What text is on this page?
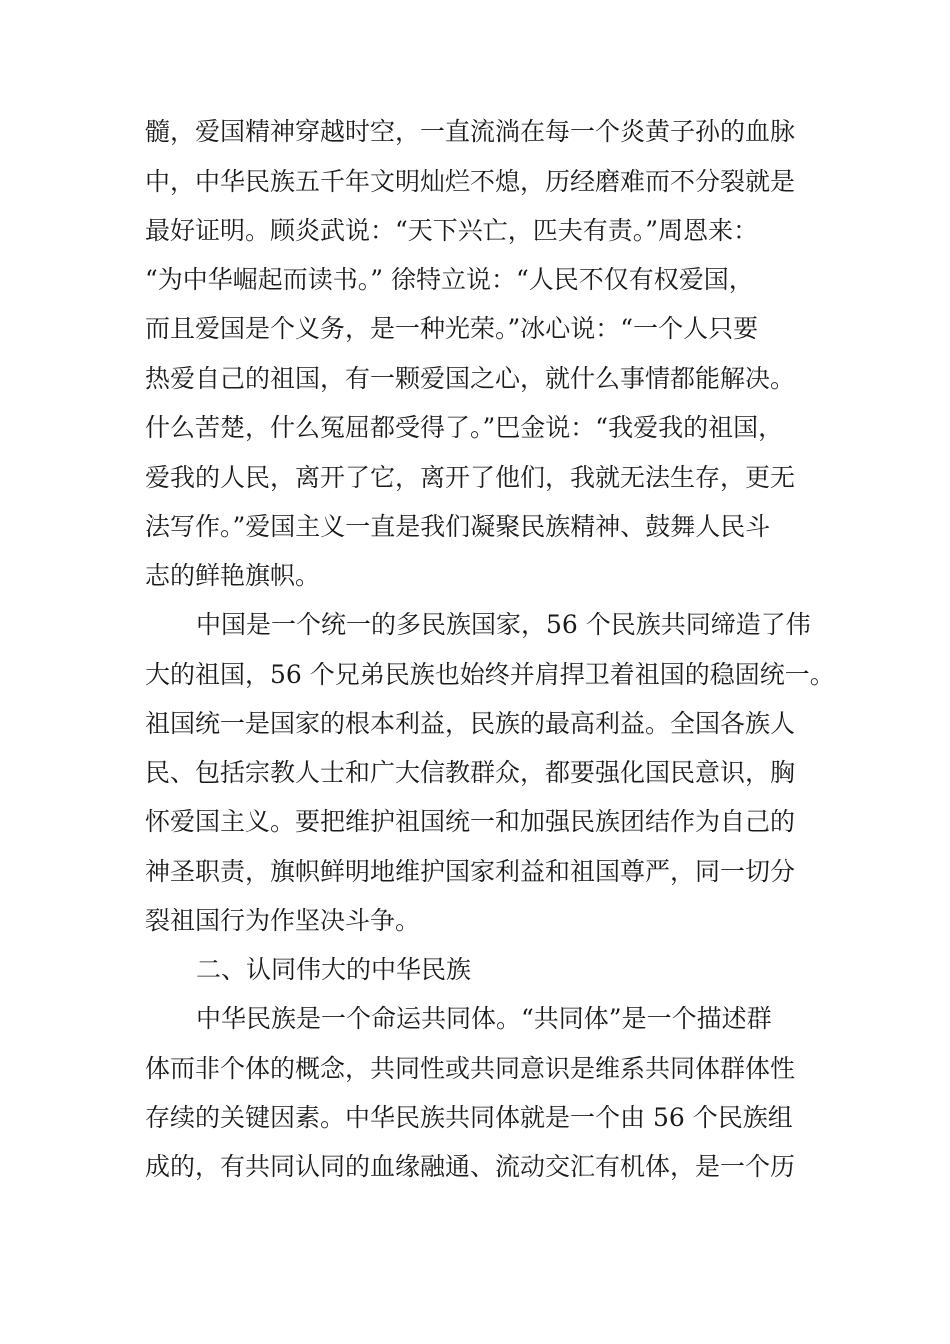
髓，爱国精神穿越时空，一直流淌在每一个炎黄子孙的血脉
中，中华民族五千年文明灿烂不熄，历经磨难而不分裂就是
最好证明。顾炎武说：“天下兴亡，匹夫有责。”周恩来：
“为中华崛起而读书。” 徐特立说：“人民不仅有权爱国，
而且爱国是个义务，是一种光荣。”冰心说：“一个人只要
热爱自己的祖国，有一颗爱国之心，就什么事情都能解决。
什么苦楚，什么冤屈都受得了。”巴金说：“我爱我的祖国，
爱我的人民，离开了它，离开了他们，我就无法生存，更无
法写作。”爱国主义一直是我们凝聚民族精神、鼓舞人民斗
志的鲜艳旗帜。
中国是一个统一的多民族国家，56 个民族共同缔造了伟
大的祖国，56 个兄弟民族也始终并肩捍卫着祖国的稳固统一。
祖国统一是国家的根本利益，民族的最高利益。全国各族人
民、包括宗教人士和广大信教群众，都要强化国民意识，胸
怀爱国主义。要把维护祖国统一和加强民族团结作为自己的
神圣职责，旗帜鲜明地维护国家利益和祖国尊严，同一切分
裂祖国行为作坚决斗争。
二、认同伟大的中华民族
中华民族是一个命运共同体。“共同体”是一个描述群
体而非个体的概念，共同性或共同意识是维系共同体群体性
存续的关键因素。中华民族共同体就是一个由 56 个民族组
成的，有共同认同的血缘融通、流动交汇有机体，是一个历
